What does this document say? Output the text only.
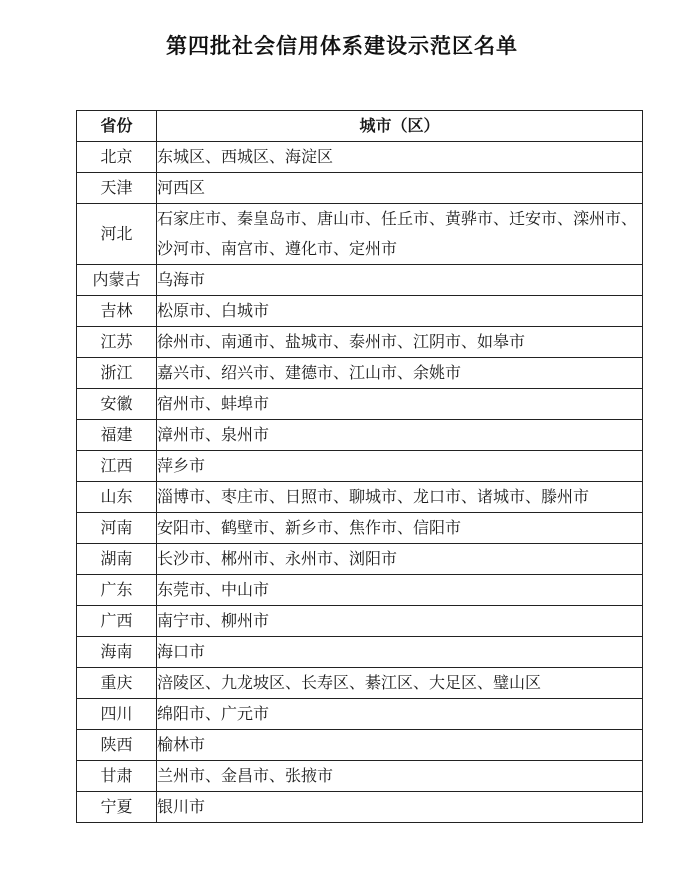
第四批社会信用体系建设示范区名单
省份	城市（区）
北京	东城区、西城区、海淀区
天津	河西区
河北	石家庄市、秦皇岛市、唐山市、任丘市、黄骅市、迁安市、滦州市、沙河市、南宫市、遵化市、定州市
内蒙古	乌海市
吉林	松原市、白城市
江苏	徐州市、南通市、盐城市、泰州市、江阴市、如皋市
浙江	嘉兴市、绍兴市、建德市、江山市、余姚市
安徽	宿州市、蚌埠市
福建	漳州市、泉州市
江西	萍乡市
山东	淄博市、枣庄市、日照市、聊城市、龙口市、诸城市、滕州市
河南	安阳市、鹤壁市、新乡市、焦作市、信阳市
湖南	长沙市、郴州市、永州市、浏阳市
广东	东莞市、中山市
广西	南宁市、柳州市
海南	海口市
重庆	涪陵区、九龙坡区、长寿区、綦江区、大足区、璧山区
四川	绵阳市、广元市
陕西	榆林市
甘肃	兰州市、金昌市、张掖市
宁夏	银川市
